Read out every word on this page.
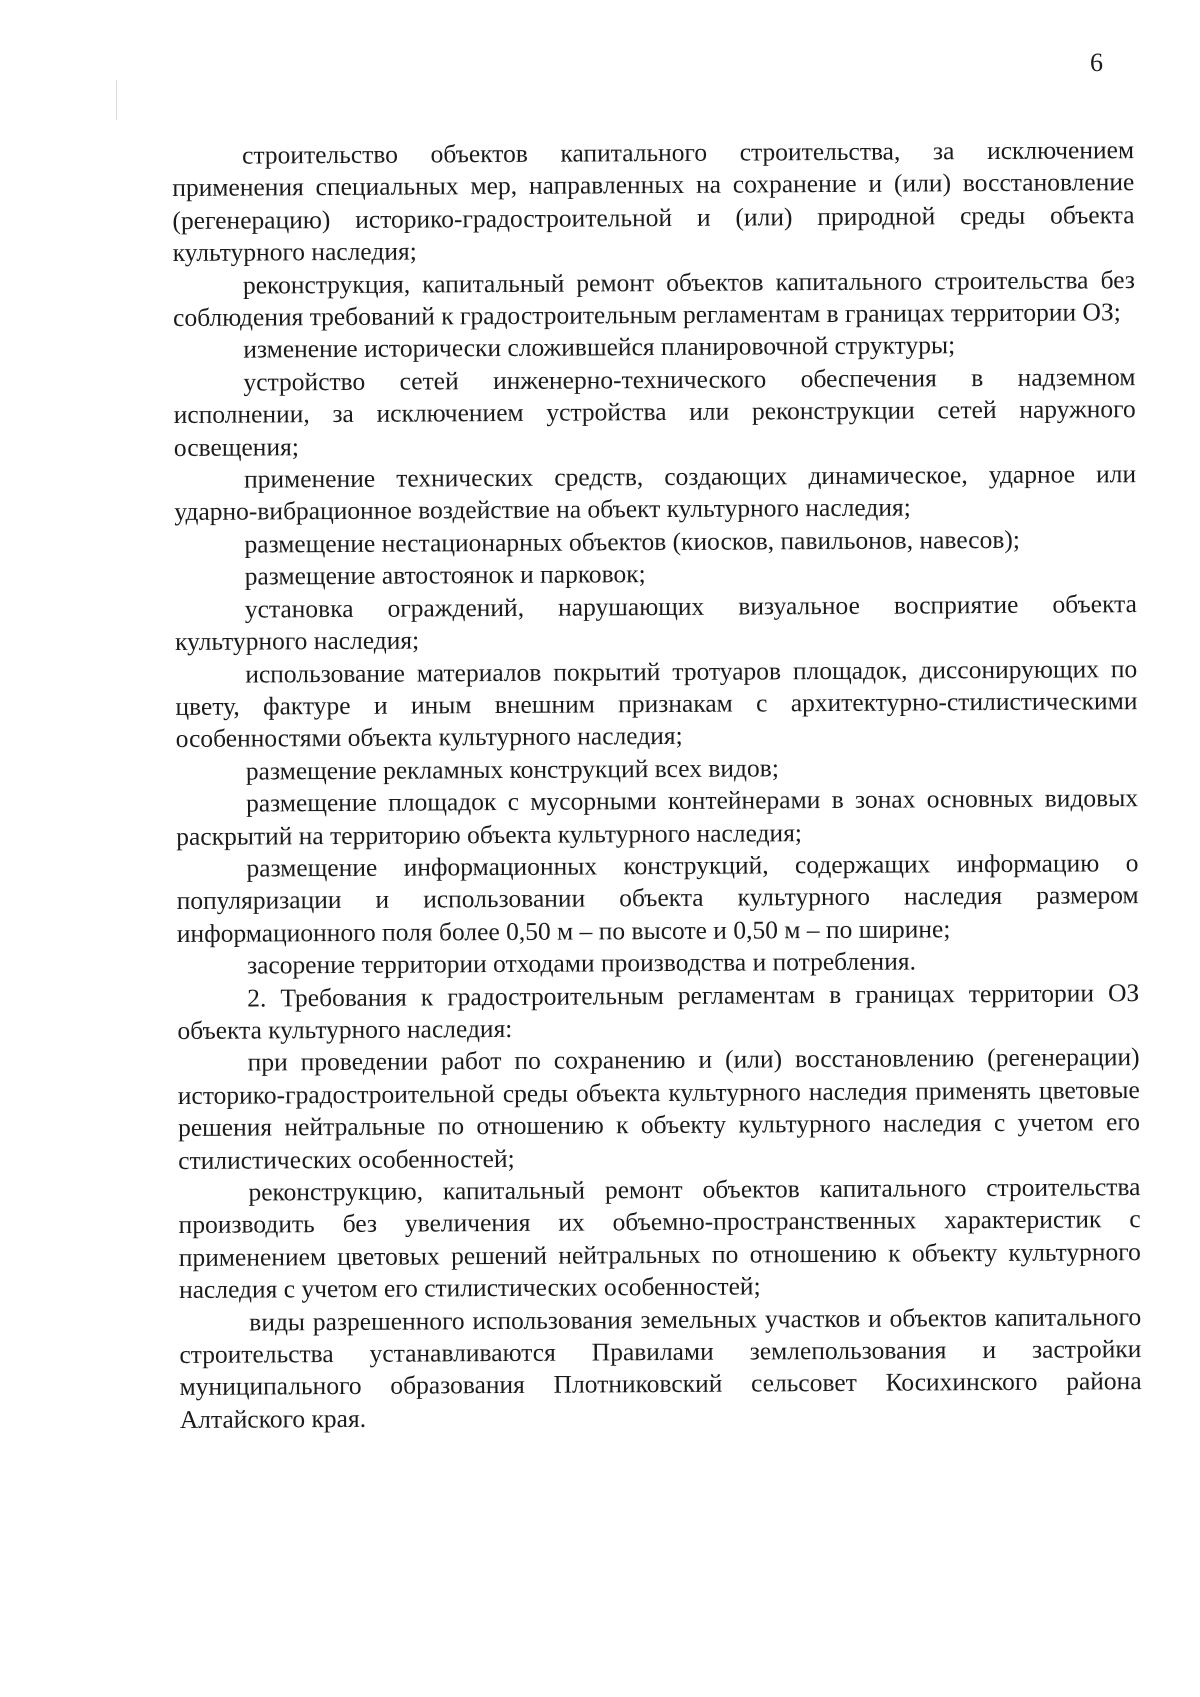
6

строительство объектов капитального строительства, за исключением применения специальных мер, направленных на сохранение и (или) восстановление (регенерацию) историко-градостроительной и (или) природной среды объекта культурного наследия;

реконструкция, капитальный ремонт объектов капитального строительства без соблюдения требований к градостроительным регламентам в границах территории ОЗ;

изменение исторически сложившейся планировочной структуры;

устройство сетей инженерно-технического обеспечения в надземном исполнении, за исключением устройства или реконструкции сетей наружного освещения;

применение технических средств, создающих динамическое, ударное или ударно-вибрационное воздействие на объект культурного наследия;

размещение нестационарных объектов (киосков, павильонов, навесов);

размещение автостоянок и парковок;

установка ограждений, нарушающих визуальное восприятие объекта культурного наследия;

использование материалов покрытий тротуаров площадок, диссонирующих по цвету, фактуре и иным внешним признакам с архитектурно-стилистическими особенностями объекта культурного наследия;

размещение рекламных конструкций всех видов;

размещение площадок с мусорными контейнерами в зонах основных видовых раскрытий на территорию объекта культурного наследия;

размещение информационных конструкций, содержащих информацию о популяризации и использовании объекта культурного наследия размером информационного поля более 0,50 м – по высоте и 0,50 м – по ширине;

засорение территории отходами производства и потребления.

2. Требования к градостроительным регламентам в границах территории ОЗ объекта культурного наследия:

при проведении работ по сохранению и (или) восстановлению (регенерации) историко-градостроительной среды объекта культурного наследия применять цветовые решения нейтральные по отношению к объекту культурного наследия с учетом его стилистических особенностей;

реконструкцию, капитальный ремонт объектов капитального строительства производить без увеличения их объемно-пространственных характеристик с применением цветовых решений нейтральных по отношению к объекту культурного наследия с учетом его стилистических особенностей;

виды разрешенного использования земельных участков и объектов капитального строительства устанавливаются Правилами землепользования и застройки муниципального образования Плотниковский сельсовет Косихинского района Алтайского края.
